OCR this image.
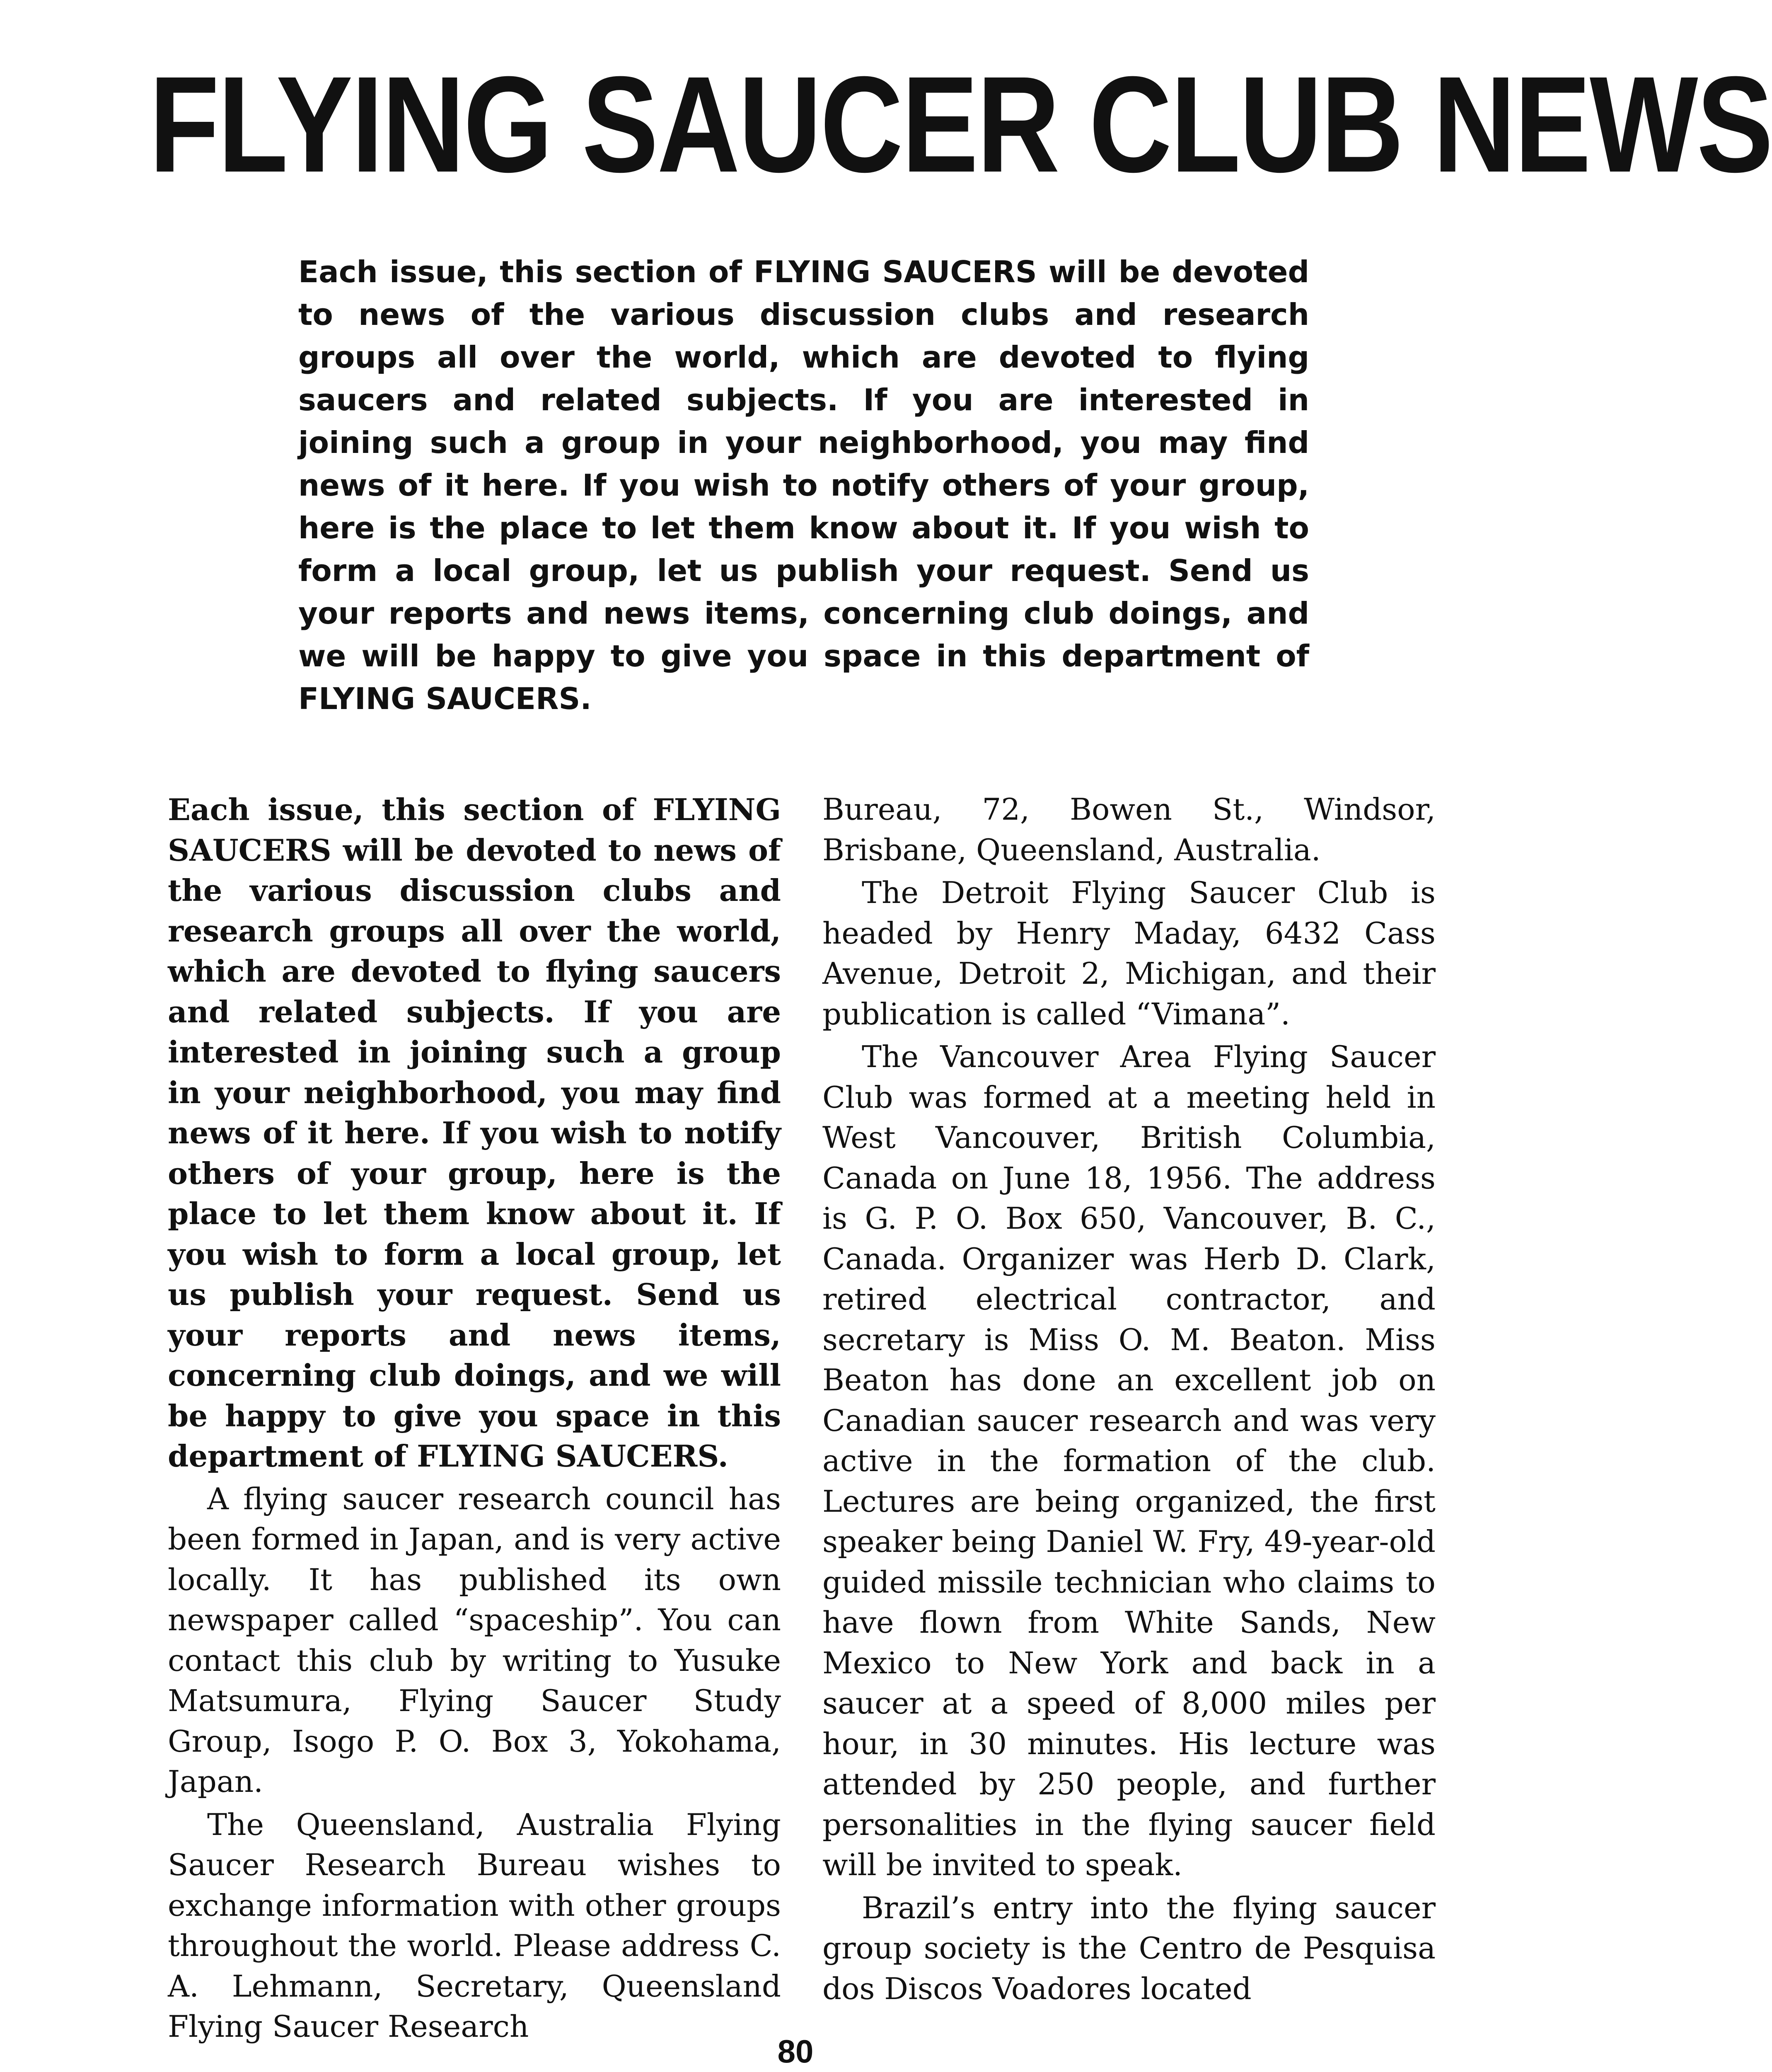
FLYING SAUCER CLUB NEWS

Each issue, this section of FLYING SAUCERS will be devoted to news of the various discussion clubs and research groups all over the world, which are devoted to flying saucers and related subjects. If you are interested in joining such a group in your neighborhood, you may find news of it here. If you wish to notify others of your group, here is the place to let them know about it. If you wish to form a local group, let us publish your request. Send us your reports and news items, concerning club doings, and we will be happy to give you space in this department of FLYING SAUCERS.

Each issue, this section of FLYING SAUCERS will be devoted to news of the various discussion clubs and research groups all over the world, which are devoted to flying saucers and related subjects. If you are interested in joining such a group in your neighborhood, you may find news of it here. If you wish to notify others of your group, here is the place to let them know about it. If you wish to form a local group, let us publish your request. Send us your reports and news items, concerning club doings, and we will be happy to give you space in this department of FLYING SAUCERS.

A flying saucer research council has been formed in Japan, and is very active locally. It has published its own newspaper called “spaceship”. You can contact this club by writing to Yusuke Matsumura, Flying Saucer Study Group, Isogo P. O. Box 3, Yokohama, Japan.

The Queensland, Australia Flying Saucer Research Bureau wishes to exchange information with other groups throughout the world. Please address C. A. Lehmann, Secretary, Queensland Flying Saucer Research

Bureau, 72, Bowen St., Windsor, Brisbane, Queensland, Australia.

The Detroit Flying Saucer Club is headed by Henry Maday, 6432 Cass Avenue, Detroit 2, Michigan, and their publication is called “Vimana”.

The Vancouver Area Flying Saucer Club was formed at a meeting held in West Vancouver, British Columbia, Canada on June 18, 1956. The address is G. P. O. Box 650, Vancouver, B. C., Canada. Organizer was Herb D. Clark, retired electrical contractor, and secretary is Miss O. M. Beaton. Miss Beaton has done an excellent job on Canadian saucer research and was very active in the formation of the club. Lectures are being organized, the first speaker being Daniel W. Fry, 49-year-old guided missile technician who claims to have flown from White Sands, New Mexico to New York and back in a saucer at a speed of 8,000 miles per hour, in 30 minutes. His lecture was attended by 250 people, and further personalities in the flying saucer field will be invited to speak.

Brazil’s entry into the flying saucer group society is the Centro de Pesquisa dos Discos Voadores located

80
